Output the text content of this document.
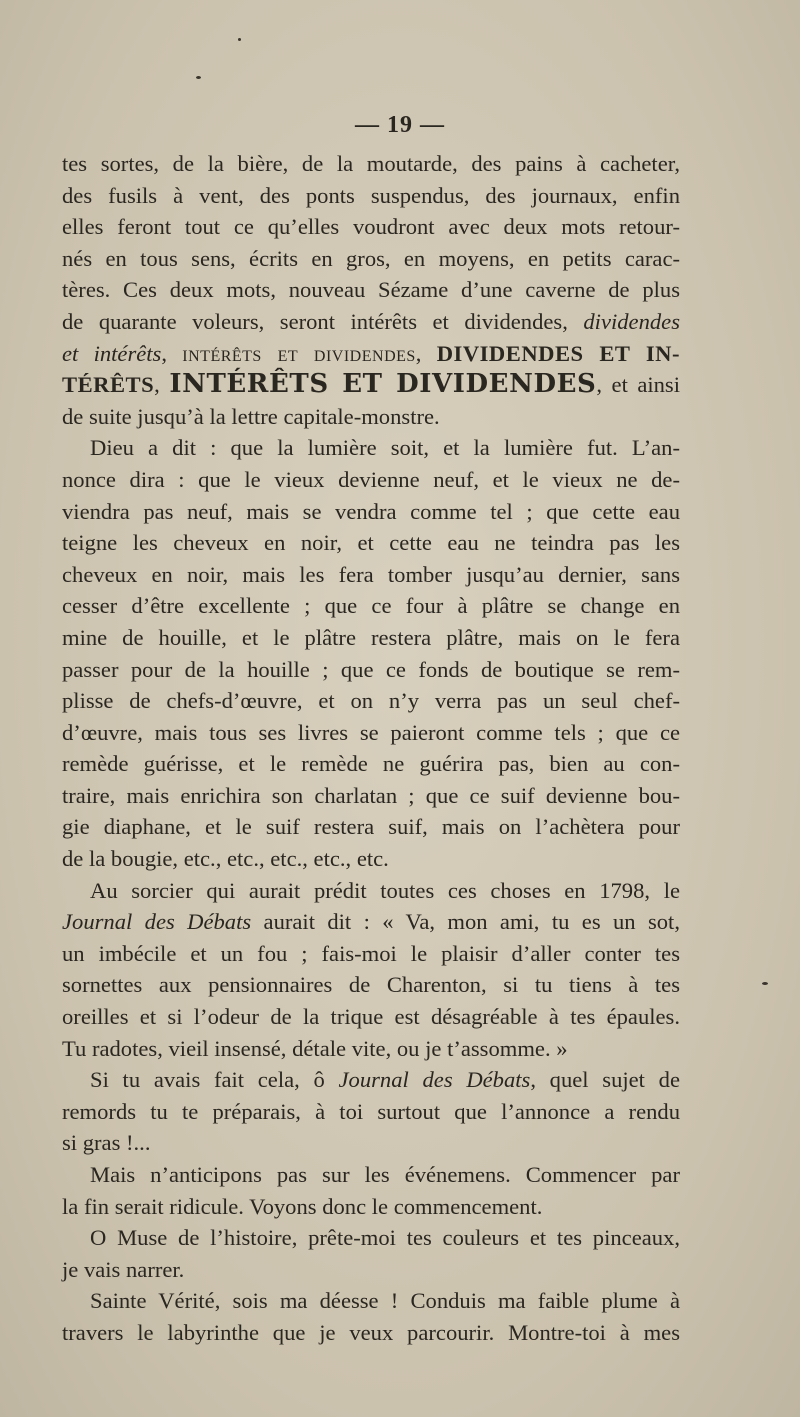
— 19 —
tes sortes, de la bière, de la moutarde, des pains à cacheter,
des fusils à vent, des ponts suspendus, des journaux, enfin
elles feront tout ce qu’elles voudront avec deux mots retour-
nés en tous sens, écrits en gros, en moyens, en petits carac-
tères. Ces deux mots, nouveau Sézame d’une caverne de plus
de quarante voleurs, seront intérêts et dividendes, dividendes
et intérêts, intérêts et dividendes, DIVIDENDES ET IN-
TÉRÊTS, INTÉRÊTS ET DIVIDENDES, et ainsi
de suite jusqu’à la lettre capitale-monstre.
Dieu a dit : que la lumière soit, et la lumière fut. L’an-
nonce dira : que le vieux devienne neuf, et le vieux ne de-
viendra pas neuf, mais se vendra comme tel ; que cette eau
teigne les cheveux en noir, et cette eau ne teindra pas les
cheveux en noir, mais les fera tomber jusqu’au dernier, sans
cesser d’être excellente ; que ce four à plâtre se change en
mine de houille, et le plâtre restera plâtre, mais on le fera
passer pour de la houille ; que ce fonds de boutique se rem-
plisse de chefs-d’œuvre, et on n’y verra pas un seul chef-
d’œuvre, mais tous ses livres se paieront comme tels ; que ce
remède guérisse, et le remède ne guérira pas, bien au con-
traire, mais enrichira son charlatan ; que ce suif devienne bou-
gie diaphane, et le suif restera suif, mais on l’achètera pour
de la bougie, etc., etc., etc., etc., etc.
Au sorcier qui aurait prédit toutes ces choses en 1798, le
Journal des Débats aurait dit : « Va, mon ami, tu es un sot,
un imbécile et un fou ; fais-moi le plaisir d’aller conter tes
sornettes aux pensionnaires de Charenton, si tu tiens à tes
oreilles et si l’odeur de la trique est désagréable à tes épaules.
Tu radotes, vieil insensé, détale vite, ou je t’assomme. »
Si tu avais fait cela, ô Journal des Débats, quel sujet de
remords tu te préparais, à toi surtout que l’annonce a rendu
si gras !...
Mais n’anticipons pas sur les événemens. Commencer par
la fin serait ridicule. Voyons donc le commencement.
O Muse de l’histoire, prête-moi tes couleurs et tes pinceaux,
je vais narrer.
Sainte Vérité, sois ma déesse ! Conduis ma faible plume à
travers le labyrinthe que je veux parcourir. Montre-toi à mes
